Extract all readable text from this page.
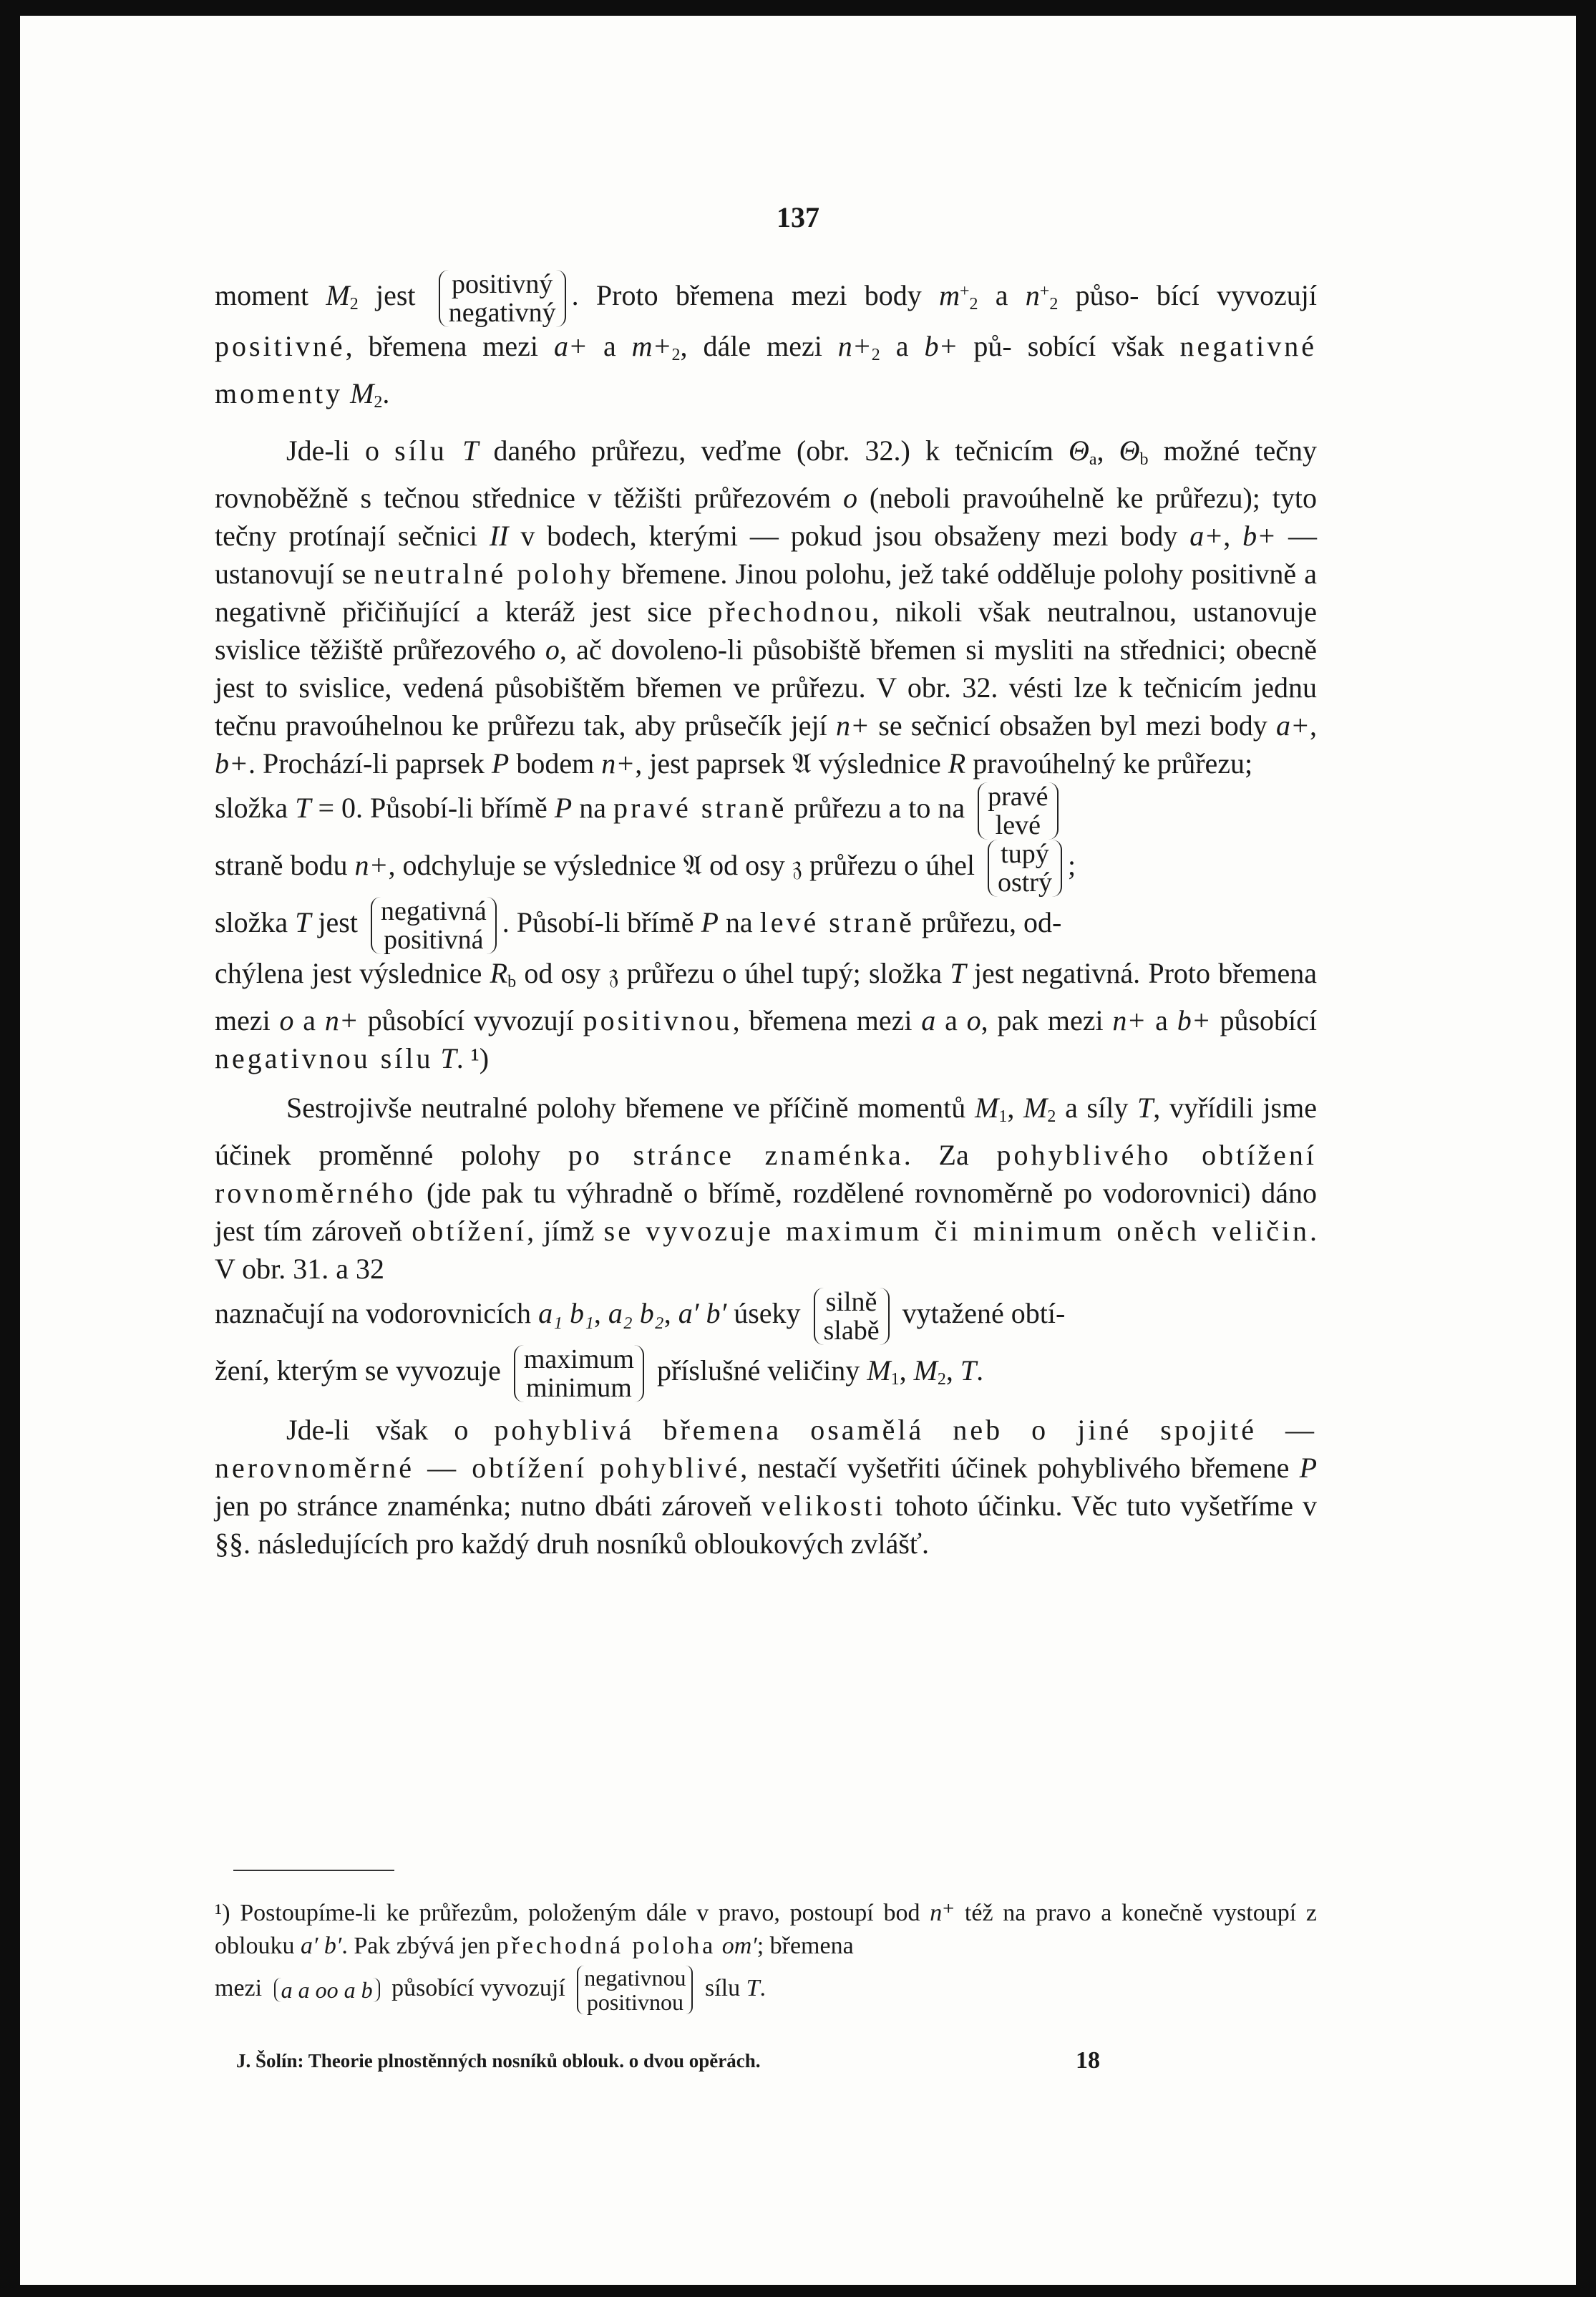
137

moment $M_2$ jest positivný
negativný
. Proto břemena mezi body $m^+_2$ a $n^+_2$ půso- bící vyvozují positivné, břemena mezi a+ a $m+_2$, dále mezi $n+_2$ a b+ pů- sobící však negativné momenty $M_2$.

Jde-li o sílu T daného průřezu, veďme (obr. 32.) k tečnicím $\Theta_a$, $\Theta_b$ možné tečny rovnoběžně s tečnou střednice v těžišti průřezovém o (neboli pravoúhelně ke průřezu); tyto tečny protínají sečnici II v bodech, kterými — pokud jsou obsaženy mezi body a+, b+ — ustanovují se neutralné polohy břemene. Jinou polohu, jež také odděluje polohy positivně a negativně přičiňující a kteráž jest sice přechodnou, nikoli však neutralnou, ustanovuje svislice těžiště průřezového o, ač dovoleno-li působiště břemen si mysliti na střednici; obecně jest to svislice, vedená působištěm břemen ve průřezu. V obr. 32. vésti lze k tečnicím jednu tečnu pravoúhelnou ke průřezu tak, aby průsečík její n+ se sečnicí obsažen byl mezi body a+, b+. Prochází-li paprsek P bodem n+, jest paprsek 𝔄 výslednice R pravoúhelný ke průřezu;

složka T = 0. Působí-li břímě P na pravé straně průřezu a to na pravé
levé

straně bodu n+, odchyluje se výslednice 𝔄 od osy 𝔷 průřezu o úhel tupý
ostrý
;

složka T jest negativná
positivná
. Působí-li břímě P na levé straně průřezu, od-

chýlena jest výslednice $R_b$ od osy 𝔷 průřezu o úhel tupý; složka T jest negativná. Proto břemena mezi o a n+ působící vyvozují positivnou, břemena mezi a a o, pak mezi n+ a b+ působící negativnou sílu T. ¹)

Sestrojivše neutralné polohy břemene ve příčině momentů $M_1$, $M_2$ a síly T, vyřídili jsme účinek proměnné polohy po stránce znaménka. Za pohyblivého obtížení rovnoměrného (jde pak tu výhradně o břímě, rozdělené rovnoměrně po vodorovnici) dáno jest tím zároveň obtížení, jímž se vyvozuje maximum či minimum oněch veličin. V obr. 31. a 32

naznačují na vodorovnicích a₁ b₁, a₂ b₂, a′ b′ úseky silně
slabě
vytažené obtí-

žení, kterým se vyvozuje maximum
minimum
příslušné veličiny $M_1$, $M_2$, T.

Jde-li však o pohyblivá břemena osamělá neb o jiné spojité — nerovnoměrné — obtížení pohyblivé, nestačí vyšetřiti účinek pohyblivého břemene P jen po stránce znaménka; nutno dbáti zároveň velikosti tohoto účinku. Věc tuto vyšetříme v §§. následujících pro každý druh nosníků obloukových zvlášť.

¹) Postoupíme-li ke průřezům, položeným dále v pravo, postoupí bod n⁺ též na pravo a konečně vystoupí z oblouku a′ b′. Pak zbývá jen přechodná poloha om′; břemena

mezi a a oo a b působící vyvozují negativnou
positivnou
sílu T.

J. Šolín: Theorie plnostěnných nosníků oblouk. o dvou opěrách.	18
